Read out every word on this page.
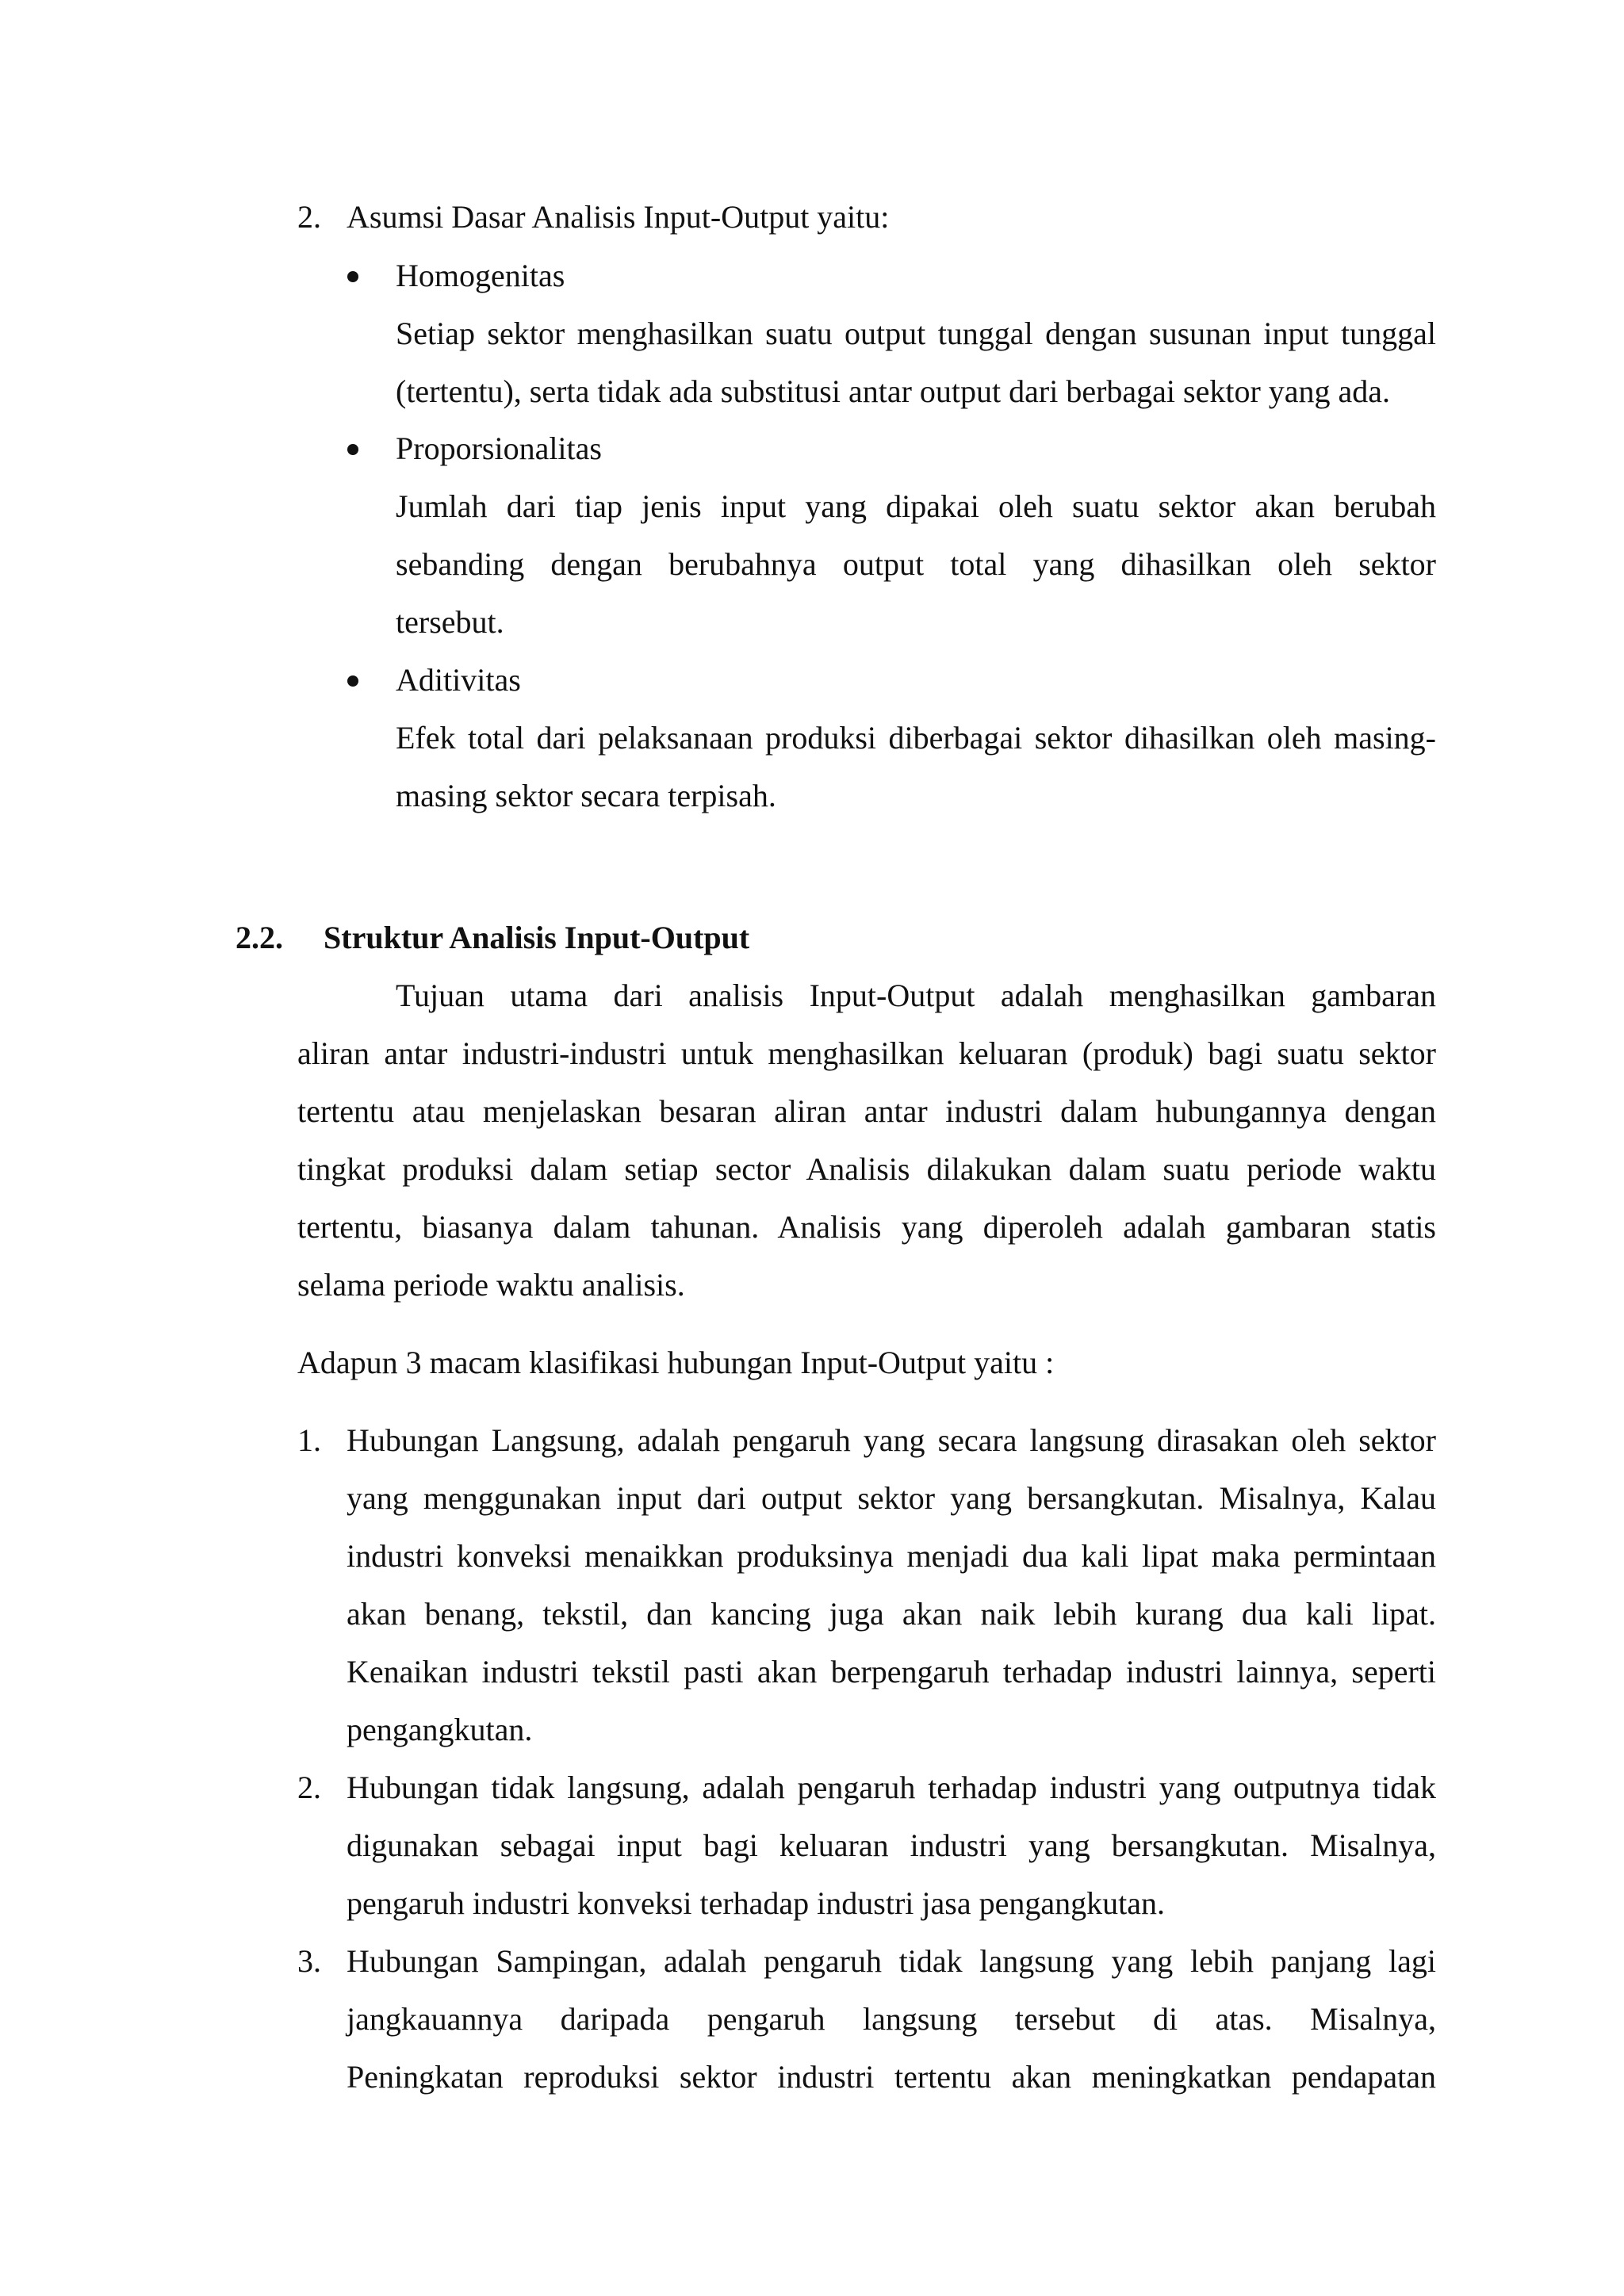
2. Asumsi Dasar Analisis Input-Output yaitu:
Homogenitas
Setiap sektor menghasilkan suatu output tunggal dengan susunan input tunggal
(tertentu), serta tidak ada substitusi antar output dari berbagai sektor yang ada.
Proporsionalitas
Jumlah dari tiap jenis input yang dipakai oleh suatu sektor akan berubah
sebanding dengan berubahnya output total yang dihasilkan oleh sektor
tersebut.
Aditivitas
Efek total dari pelaksanaan produksi diberbagai sektor dihasilkan oleh masing-
masing sektor secara terpisah.
2.2. Struktur Analisis Input-Output
Tujuan utama dari analisis Input-Output adalah menghasilkan gambaran
aliran antar industri-industri untuk menghasilkan keluaran (produk) bagi suatu sektor
tertentu atau menjelaskan besaran aliran antar industri dalam hubungannya dengan
tingkat produksi dalam setiap sector Analisis dilakukan dalam suatu periode waktu
tertentu, biasanya dalam tahunan. Analisis yang diperoleh adalah gambaran statis
selama periode waktu analisis.
Adapun 3 macam klasifikasi hubungan Input-Output yaitu :
1. Hubungan Langsung, adalah pengaruh yang secara langsung dirasakan oleh sektor
yang menggunakan input dari output sektor yang bersangkutan. Misalnya, Kalau
industri konveksi menaikkan produksinya menjadi dua kali lipat maka permintaan
akan benang, tekstil, dan kancing juga akan naik lebih kurang dua kali lipat.
Kenaikan industri tekstil pasti akan berpengaruh terhadap industri lainnya, seperti
pengangkutan.
2. Hubungan tidak langsung, adalah pengaruh terhadap industri yang outputnya tidak
digunakan sebagai input bagi keluaran industri yang bersangkutan. Misalnya,
pengaruh industri konveksi terhadap industri jasa pengangkutan.
3. Hubungan Sampingan, adalah pengaruh tidak langsung yang lebih panjang lagi
jangkauannya daripada pengaruh langsung tersebut di atas. Misalnya,
Peningkatan reproduksi sektor industri tertentu akan meningkatkan pendapatan
